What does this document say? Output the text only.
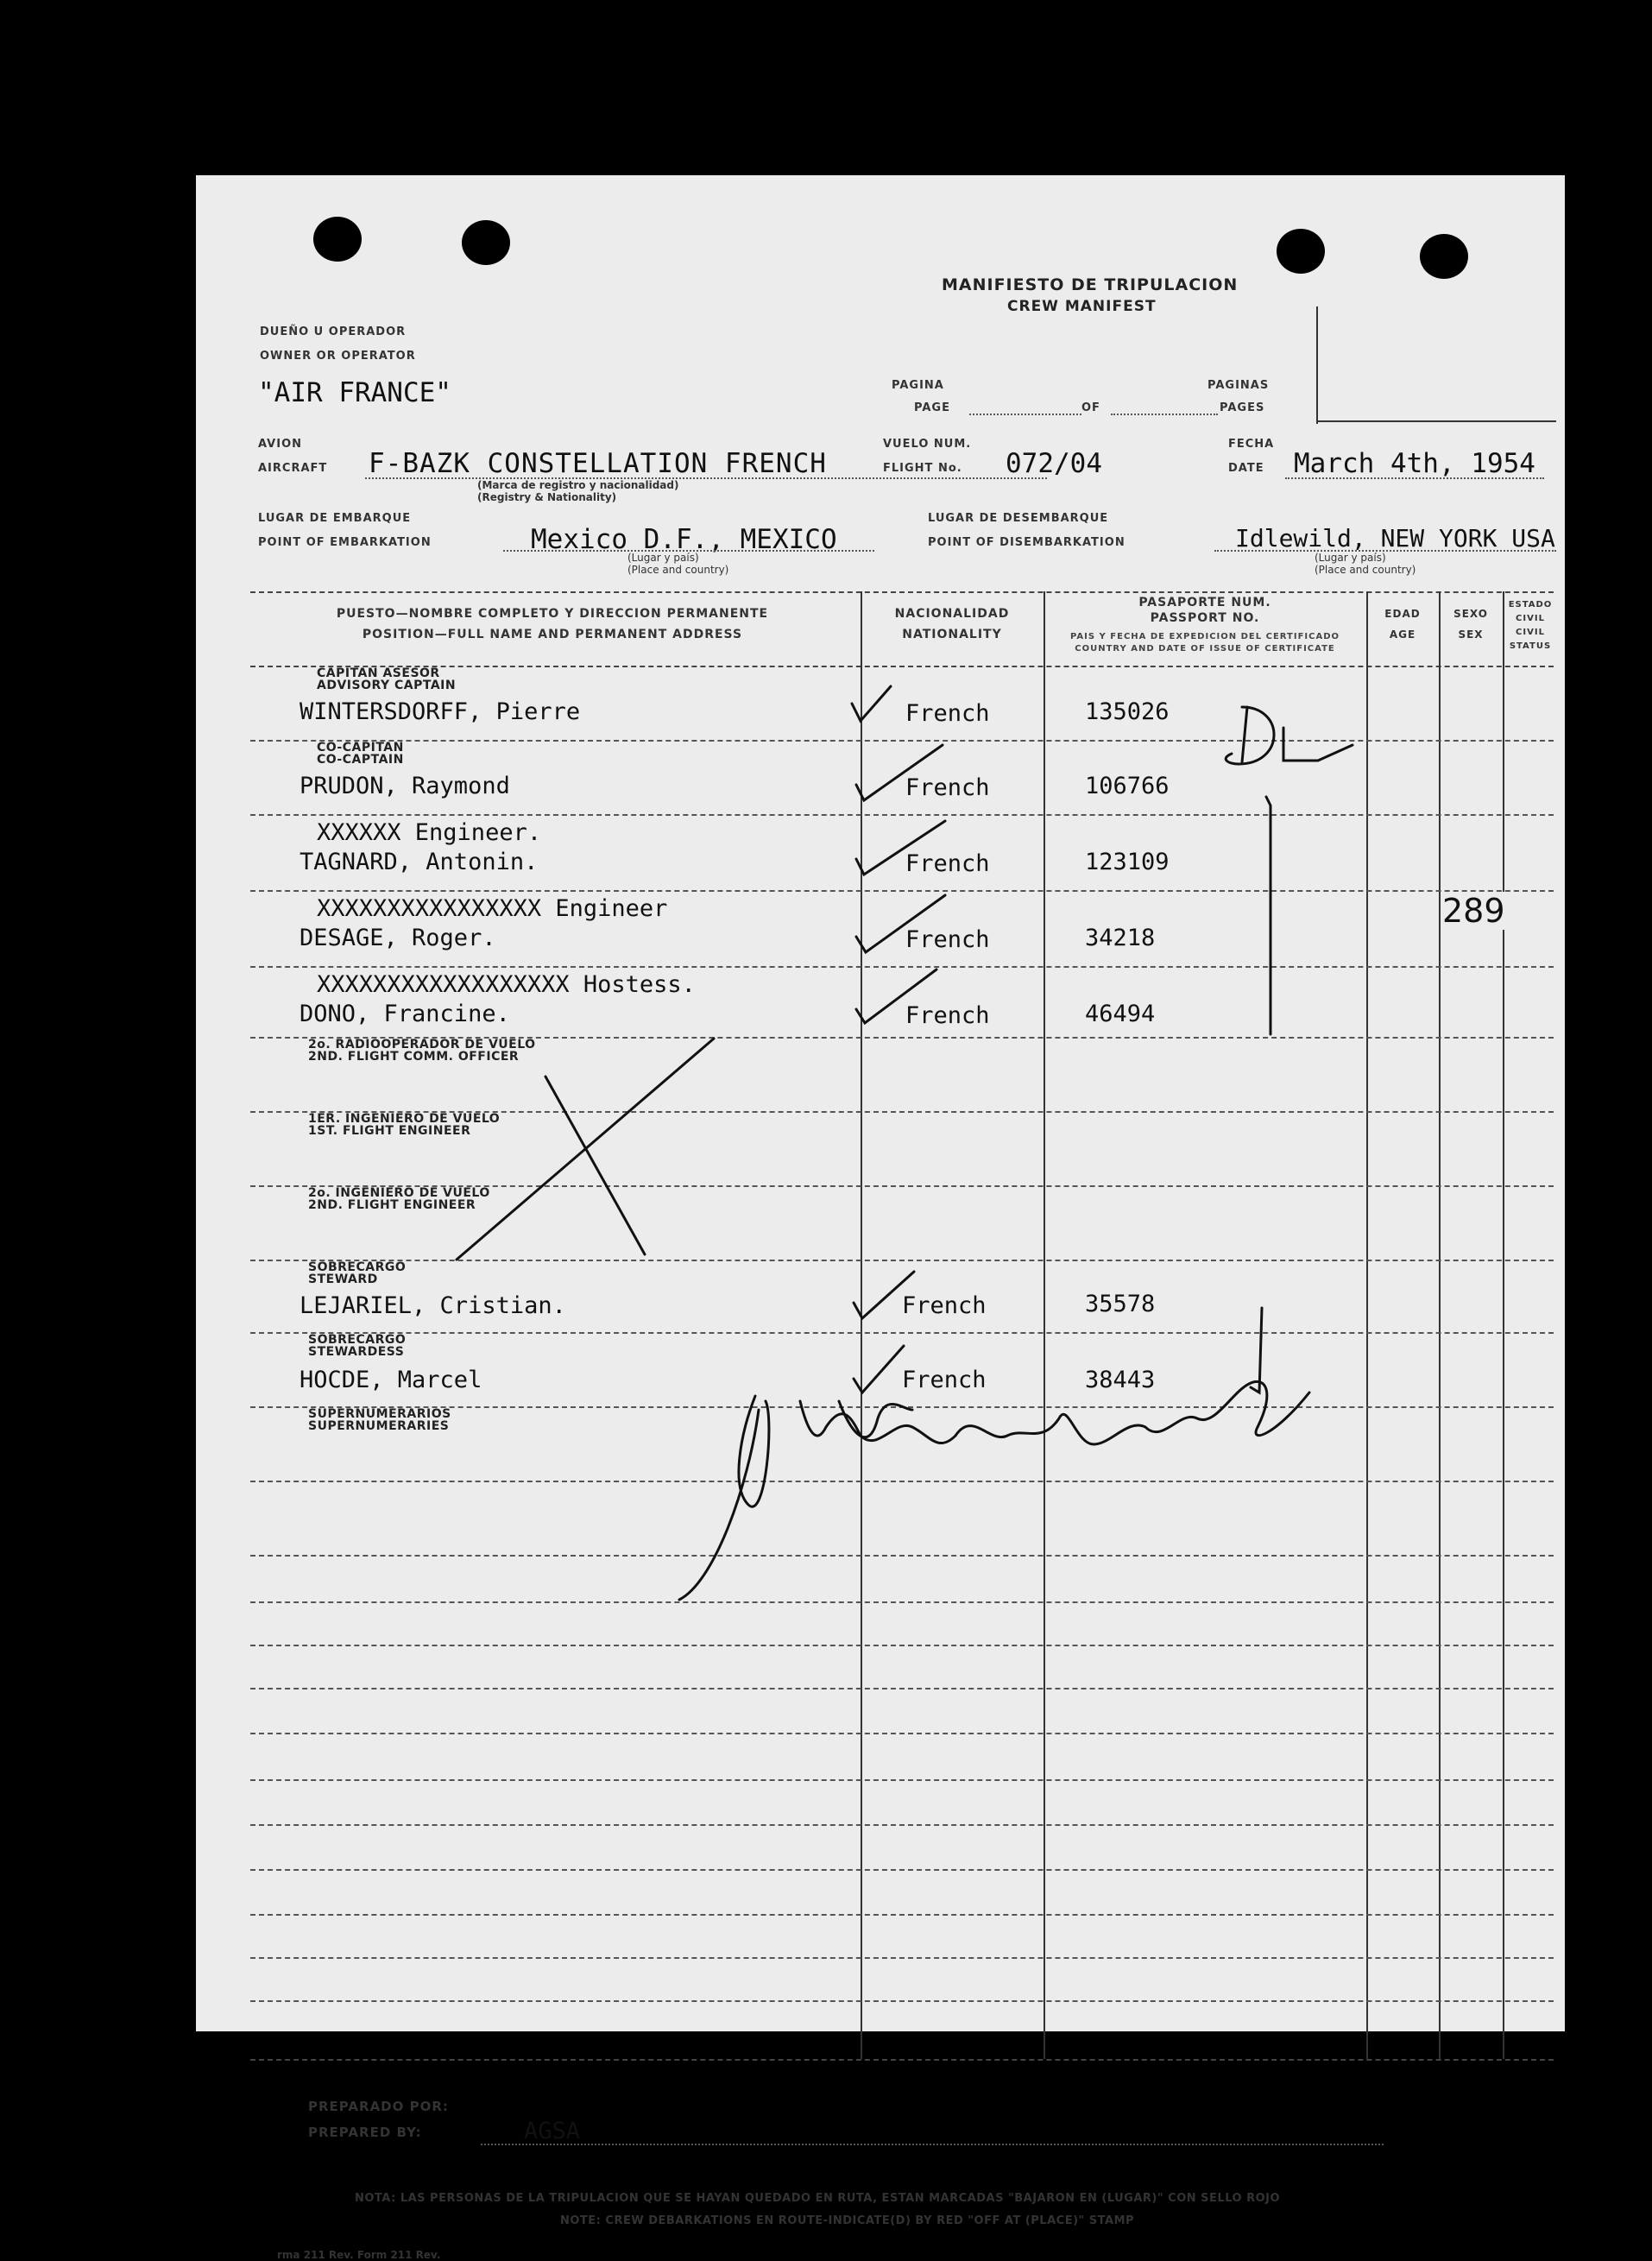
MANIFIESTO DE TRIPULACION
CREW MANIFEST
DUEÑO U OPERADOR
OWNER OR OPERATOR
"AIR FRANCE"	PAGINA
PAGE	OF
PAGINAS
PAGES
AVION
AIRCRAFT F-BAZK CONSTELLATION FRENCH
(Marca de registro y nacionalidad)
(Registry & Nationality)
VUELO NUM.
FLIGHT No. 072/04
FECHA
DATE March 4th, 1954
LUGAR DE EMBARQUE
POINT OF EMBARKATION	Mexico D.F., MEXICO
(Lugar y país)
(Place and country)
LUGAR DE DESEMBARQUE
POINT OF DISEMBARKATION	Idlewild, NEW YORK USA
(Lugar y país)
(Place and country)
PUESTO—NOMBRE COMPLETO Y DIRECCION PERMANENTE
POSITION—FULL NAME AND PERMANENT ADDRESS
NACIONALIDAD
NATIONALITY
PASAPORTE NUM.
PASSPORT NO.
PAIS Y FECHA DE EXPEDICION DEL CERTIFICADO
COUNTRY AND DATE OF ISSUE OF CERTIFICATE
EDAD
AGE
SEXO
SEX
ESTADO CIVIL
CIVIL STATUS
CAPITAN ASESOR
ADVISORY CAPTAIN
WINTERSDORFF, Pierre	French	135026
CO-CAPITAN
CO-CAPTAIN
PRUDON, Raymond	French	106766
XXXXXX Engineer.
TAGNARD, Antonin.	French	123109
XXXXXXXXXXXXXXXX Engineer
DESAGE, Roger.	French	34218
XXXXXXXXXXXXXXXXXX Hostess.
DONO, Francine.	French	46494
2o. RADIOOPERADOR DE VUELO
2ND. FLIGHT COMM. OFFICER
1ER. INGENIERO DE VUELO
1ST. FLIGHT ENGINEER
2o. INGENIERO DE VUELO
2ND. FLIGHT ENGINEER
SOBRECARGO
STEWARD
LEJARIEL, Cristian.	French	35578
SOBRECARGO
STEWARDESS
HOCDE, Marcel	French	38443
SUPERNUMERARIOS
SUPERNUMERARIES
289
PREPARADO POR:
PREPARED BY:	AGSA
NOTA: LAS PERSONAS DE LA TRIPULACION QUE SE HAYAN QUEDADO EN RUTA, ESTAN MARCADAS "BAJARON EN (LUGAR)" CON SELLO ROJO
NOTE: CREW DEBARKATIONS EN ROUTE-INDICATE(D) BY RED "OFF AT (PLACE)" STAMP
rma 211 Rev. Form 211 Rev.
